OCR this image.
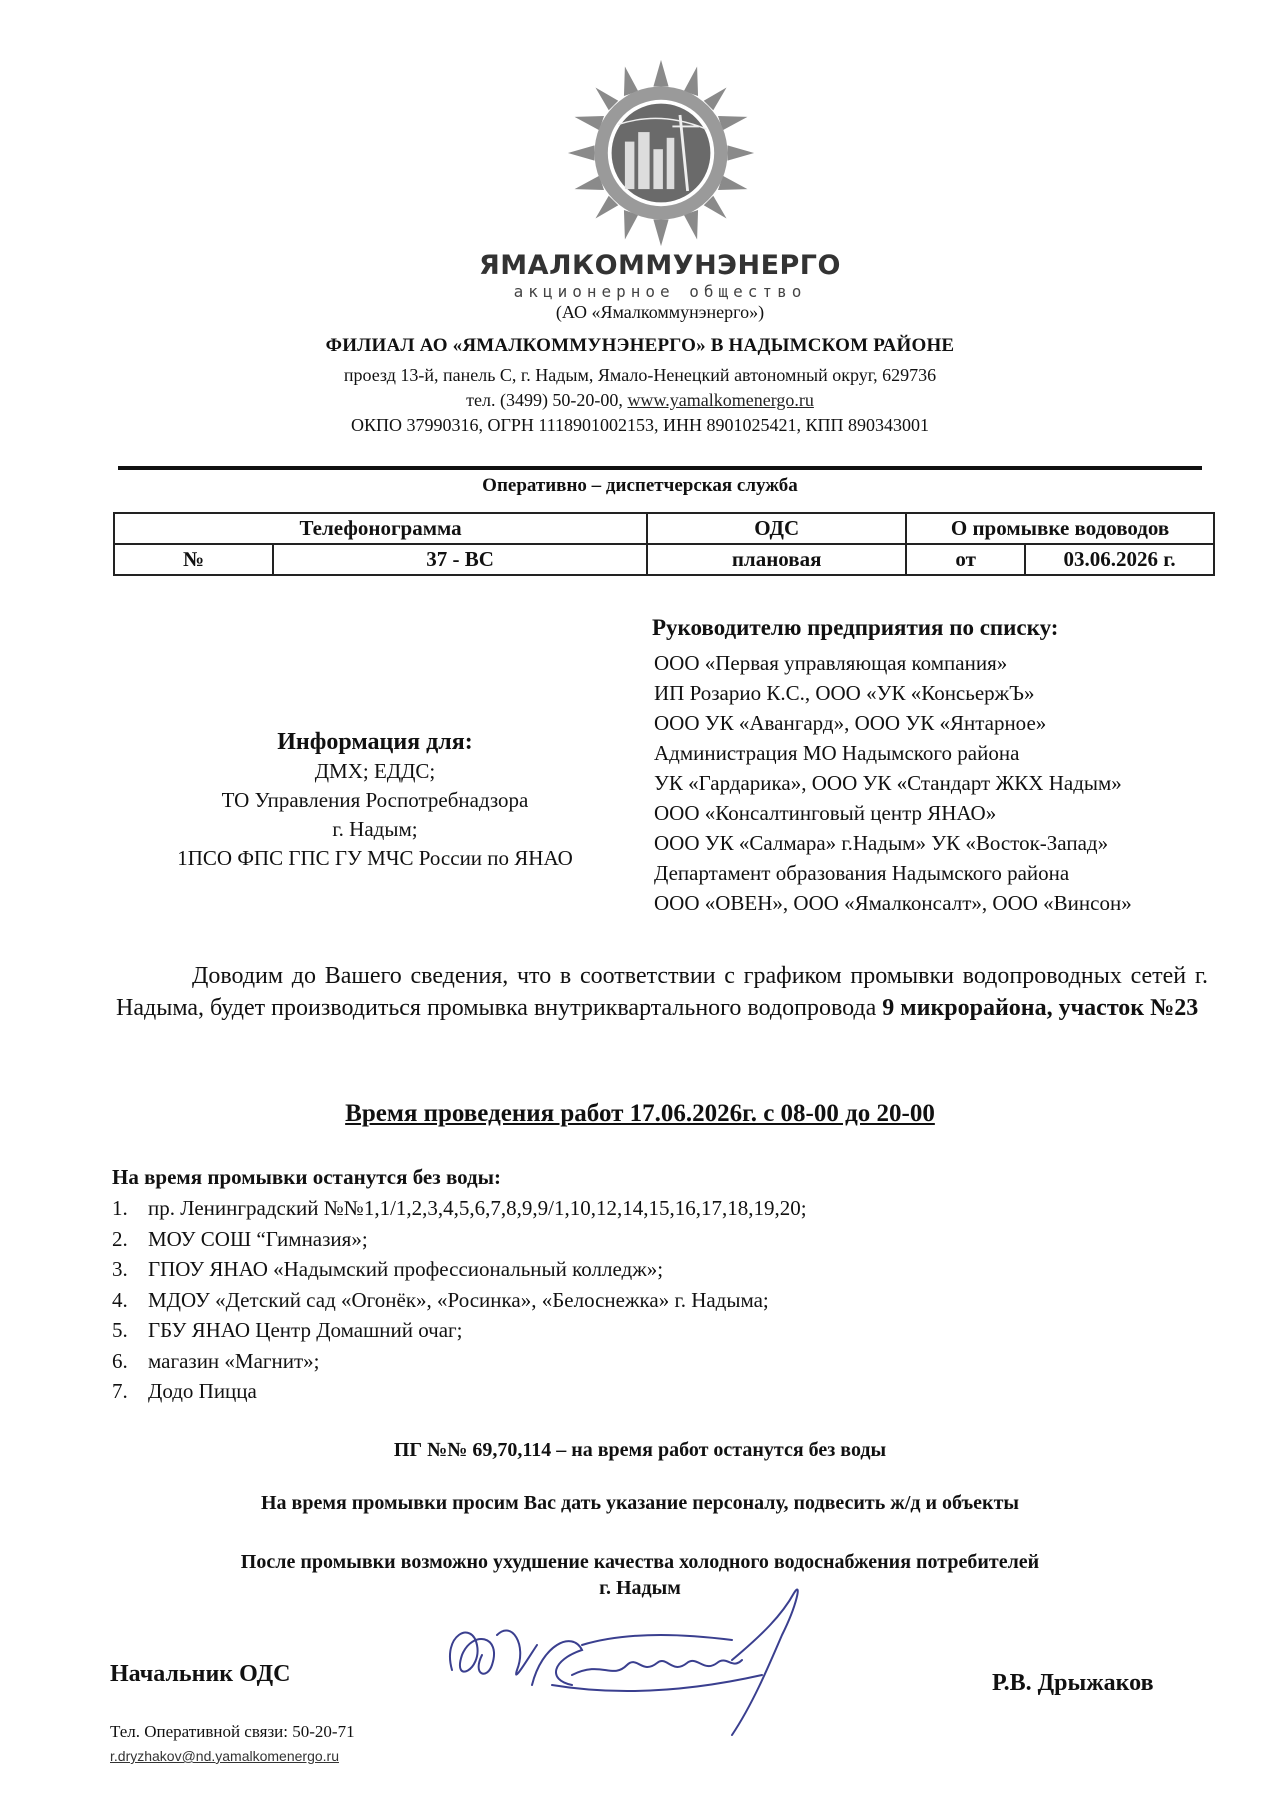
ЯМАЛКОММУНЭНЕРГО
акционерное общество
(АО «Ямалкоммунэнерго»)
ФИЛИАЛ АО «ЯМАЛКОММУНЭНЕРГО» В НАДЫМСКОМ РАЙОНЕ
проезд 13-й, панель С, г. Надым, Ямало-Ненецкий автономный округ, 629736
тел. (3499) 50-20-00, www.yamalkomenergo.ru
ОКПО 37990316, ОГРН 1118901002153, ИНН 8901025421, КПП 890343001
Оперативно – диспетчерская служба
Телефонограмма		ОДС	О промывке водоводов	
№	37 - ВС	плановая	от	03.06.2026 г.
Руководителю предприятия по списку:
ООО «Первая управляющая компания»
ИП Розарио К.С., ООО «УК «КонсьержЪ»
ООО УК «Авангард», ООО УК «Янтарное»
Администрация МО Надымского района
УК «Гардарика», ООО УК «Стандарт ЖКХ Надым»
ООО «Консалтинговый центр ЯНАО»
ООО УК «Салмара» г.Надым» УК «Восток-Запад»
Департамент образования Надымского района
ООО «ОВЕН», ООО «Ямалконсалт», ООО «Винсон»
Информация для:
ДМХ; ЕДДС;
ТО Управления Роспотребнадзора
г. Надым;
1ПСО ФПС ГПС ГУ МЧС России по ЯНАО
Доводим до Вашего сведения, что в соответствии с графиком промывки водопроводных сетей г. Надыма, будет производиться промывка внутриквартального водопровода 9 микрорайона, участок №23
Время проведения работ 17.06.2026г. с 08-00 до 20-00
На время промывки останутся без воды:
1. пр. Ленинградский №№1,1/1,2,3,4,5,6,7,8,9,9/1,10,12,14,15,16,17,18,19,20;
2. МОУ СОШ “Гимназия»;
3. ГПОУ ЯНАО «Надымский профессиональный колледж»;
4. МДОУ «Детский сад «Огонёк», «Росинка», «Белоснежка» г. Надыма;
5. ГБУ ЯНАО Центр Домашний очаг;
6. магазин «Магнит»;
7. Додо Пицца
ПГ №№ 69,70,114 – на время работ останутся без воды
На время промывки просим Вас дать указание персоналу, подвесить ж/д и объекты
После промывки возможно ухудшение качества холодного водоснабжения потребителей
г. Надым
Начальник ОДС	Р.В. Дрыжаков
Тел. Оперативной связи: 50-20-71
r.dryzhakov@nd.yamalkomenergo.ru
